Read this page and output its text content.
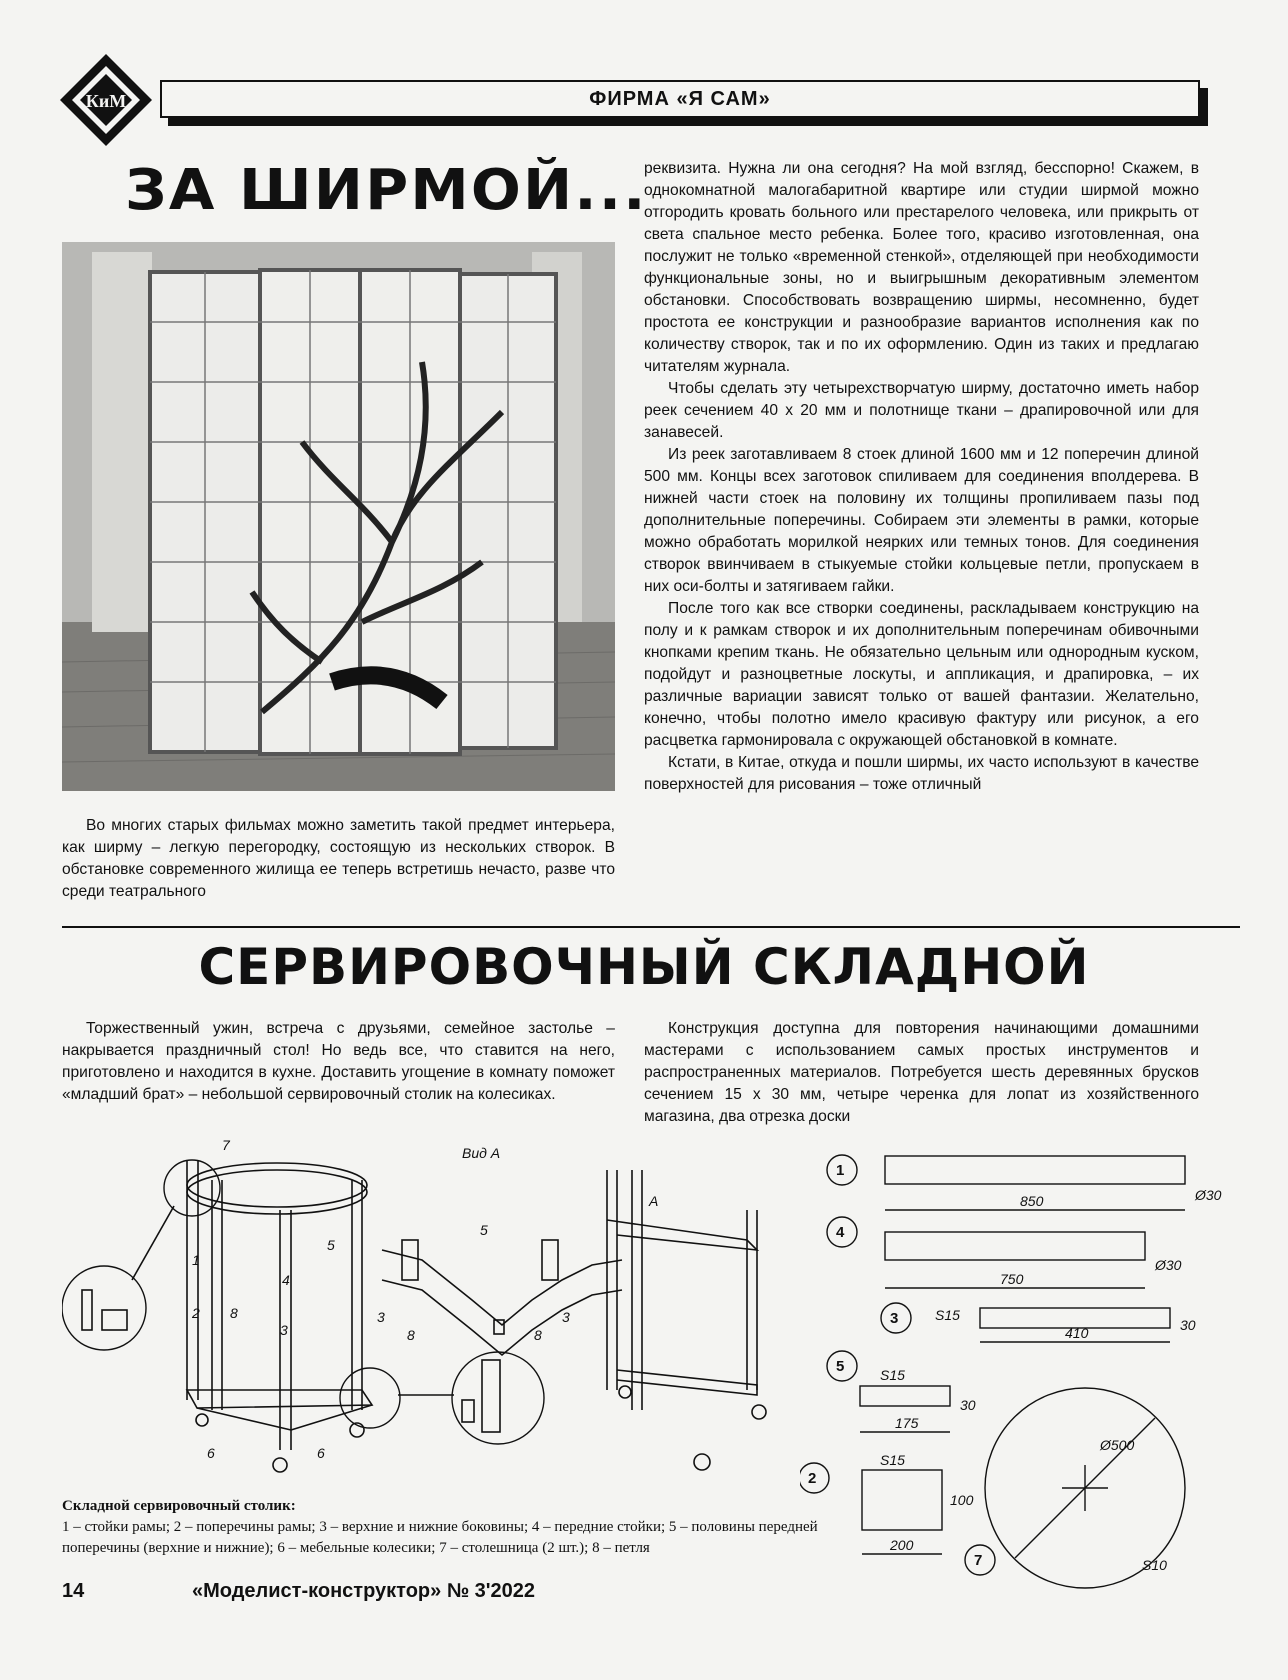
КиМ	ФИРМА «Я САМ»
ЗА ШИРМОЙ...

Во многих старых фильмах можно заметить такой предмет интерьера, как ширму – легкую перегородку, состоящую из нескольких створок. В обстановке современного жилища ее теперь встретишь нечасто, разве что среди театрального

реквизита. Нужна ли она сегодня? На мой взгляд, бесспорно! Скажем, в однокомнатной малогабаритной квартире или студии ширмой можно отгородить кровать больного или престарелого человека, или прикрыть от света спальное место ребенка. Более того, красиво изготовленная, она послужит не только «временной стенкой», отделяющей при необходимости функциональные зоны, но и выигрышным декоративным элементом обстановки. Способствовать возвращению ширмы, несомненно, будет простота ее конструкции и разнообразие вариантов исполнения как по количеству створок, так и по их оформлению. Один из таких и предлагаю читателям журнала.

Чтобы сделать эту четырехстворчатую ширму, достаточно иметь набор реек сечением 40 х 20 мм и полотнище ткани – драпировочной или для занавесей.

Из реек заготавливаем 8 стоек длиной 1600 мм и 12 поперечин длиной 500 мм. Концы всех заготовок спиливаем для соединения вполдерева. В нижней части стоек на половину их толщины пропиливаем пазы под дополнительные поперечины. Собираем эти элементы в рамки, которые можно обработать морилкой неярких или темных тонов. Для соединения створок ввинчиваем в стыкуемые стойки кольцевые петли, пропускаем в них оси-болты и затягиваем гайки.

После того как все створки соединены, раскладываем конструкцию на полу и к рамкам створок и их дополнительным поперечинам обивочными кнопками крепим ткань. Не обязательно цельным или однородным куском, подойдут и разноцветные лоскуты, и аппликация, и драпировка, – их различные вариации зависят только от вашей фантазии. Желательно, конечно, чтобы полотно имело красивую фактуру или рисунок, а его расцветка гармонировала с окружающей обстановкой в комнате.

Кстати, в Китае, откуда и пошли ширмы, их часто используют в качестве поверхностей для рисования – тоже отличный

СЕРВИРОВОЧНЫЙ СКЛАДНОЙ

Торжественный ужин, встреча с друзьями, семейное застолье – накрывается праздничный стол! Но ведь все, что ставится на него, приготовлено и находится в кухне. Доставить угощение в комнату поможет «младший брат» – небольшой сервировочный столик на колесиках.

Конструкция доступна для повторения начинающими домашними мастерами с использованием самых простых инструментов и распространенных материалов. Потребуется шесть деревянных брусков сечением 15 х 30 мм, четыре черенка для лопат из хозяйственного магазина, два отрезка доски

7
5
1
4
2 8
3
6	6
Вид А
5
3	3
8	8
А
1
4
3
5
2
7
850	Ø30
750
Ø30
S15
410	30
S15
175
30
S15
200
100
Ø500
S10
Складной сервировочный столик:
1 – стойки рамы; 2 – поперечины рамы; 3 – верхние и нижние боковины; 4 – передние стойки; 5 – половины передней поперечины (верхние и нижние); 6 – мебельные колесики; 7 – столешница (2 шт.); 8 – петля
14	«Моделист-конструктор» № 3'2022
